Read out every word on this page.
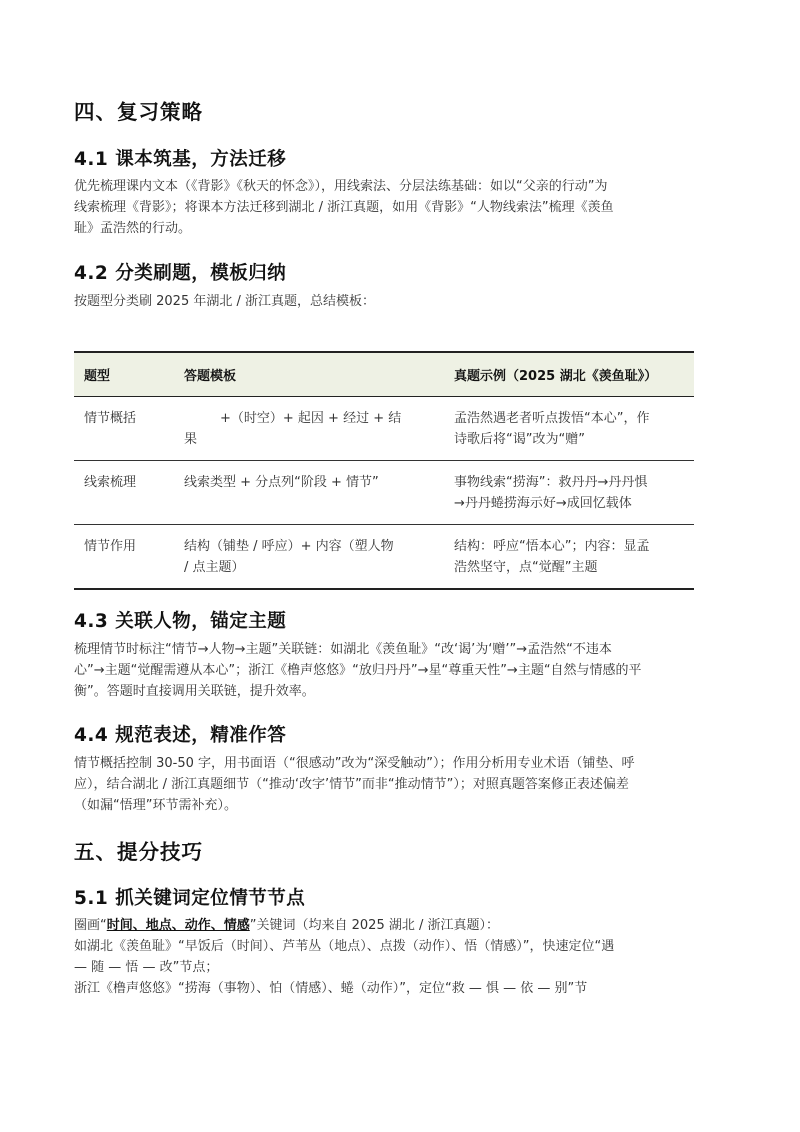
四、复习策略
4.1 课本筑基，方法迁移
优先梳理课内文本（《背影》《秋天的怀念》），用线索法、分层法练基础：如以“父亲的行动”为
线索梳理《背影》；将课本方法迁移到湖北 / 浙江真题，如用《背影》“人物线索法”梳理《羡鱼
耻》孟浩然的行动。
4.2 分类刷题，模板归纳
按题型分类刷 2025 年湖北 / 浙江真题，总结模板：
题型	答题模板	真题示例（2025 湖北《羡鱼耻》）
情节概括	+（时空）+ 起因 + 经过 + 结
果	孟浩然遇老者听点拨悟“本心”，作
诗歌后将“谒”改为“赠”

线索梳理	线索类型 + 分点列“阶段 + 情节”	事物线索“捞海”：救丹丹→丹丹惧
→丹丹蜷捞海示好→成回忆载体

情节作用	结构（铺垫 / 呼应）+ 内容（塑人物
/ 点主题）	结构：呼应“悟本心”；内容：显孟
浩然坚守，点“觉醒”主题
4.3 关联人物，锚定主题
梳理情节时标注“情节→人物→主题”关联链：如湖北《羡鱼耻》“改‘谒’为‘赠’”→孟浩然“不违本
心”→主题“觉醒需遵从本心”；浙江《橹声悠悠》“放归丹丹”→星“尊重天性”→主题“自然与情感的平
衡”。答题时直接调用关联链，提升效率。
4.4 规范表述，精准作答
情节概括控制 30-50 字，用书面语（“很感动”改为“深受触动”）；作用分析用专业术语（铺垫、呼
应），结合湖北 / 浙江真题细节（“推动‘改字’情节”而非“推动情节”）；对照真题答案修正表述偏差
（如漏“悟理”环节需补充）。
五、提分技巧
5.1 抓关键词定位情节节点
圈画“时间、地点、动作、情感”关键词（均来自 2025 湖北 / 浙江真题）：
如湖北《羡鱼耻》“早饭后（时间）、芦苇丛（地点）、点拨（动作）、悟（情感）”，快速定位“遇
— 随 — 悟 — 改”节点；
浙江《橹声悠悠》“捞海（事物）、怕（情感）、蜷（动作）”，定位“救 — 惧 — 依 — 别”节
